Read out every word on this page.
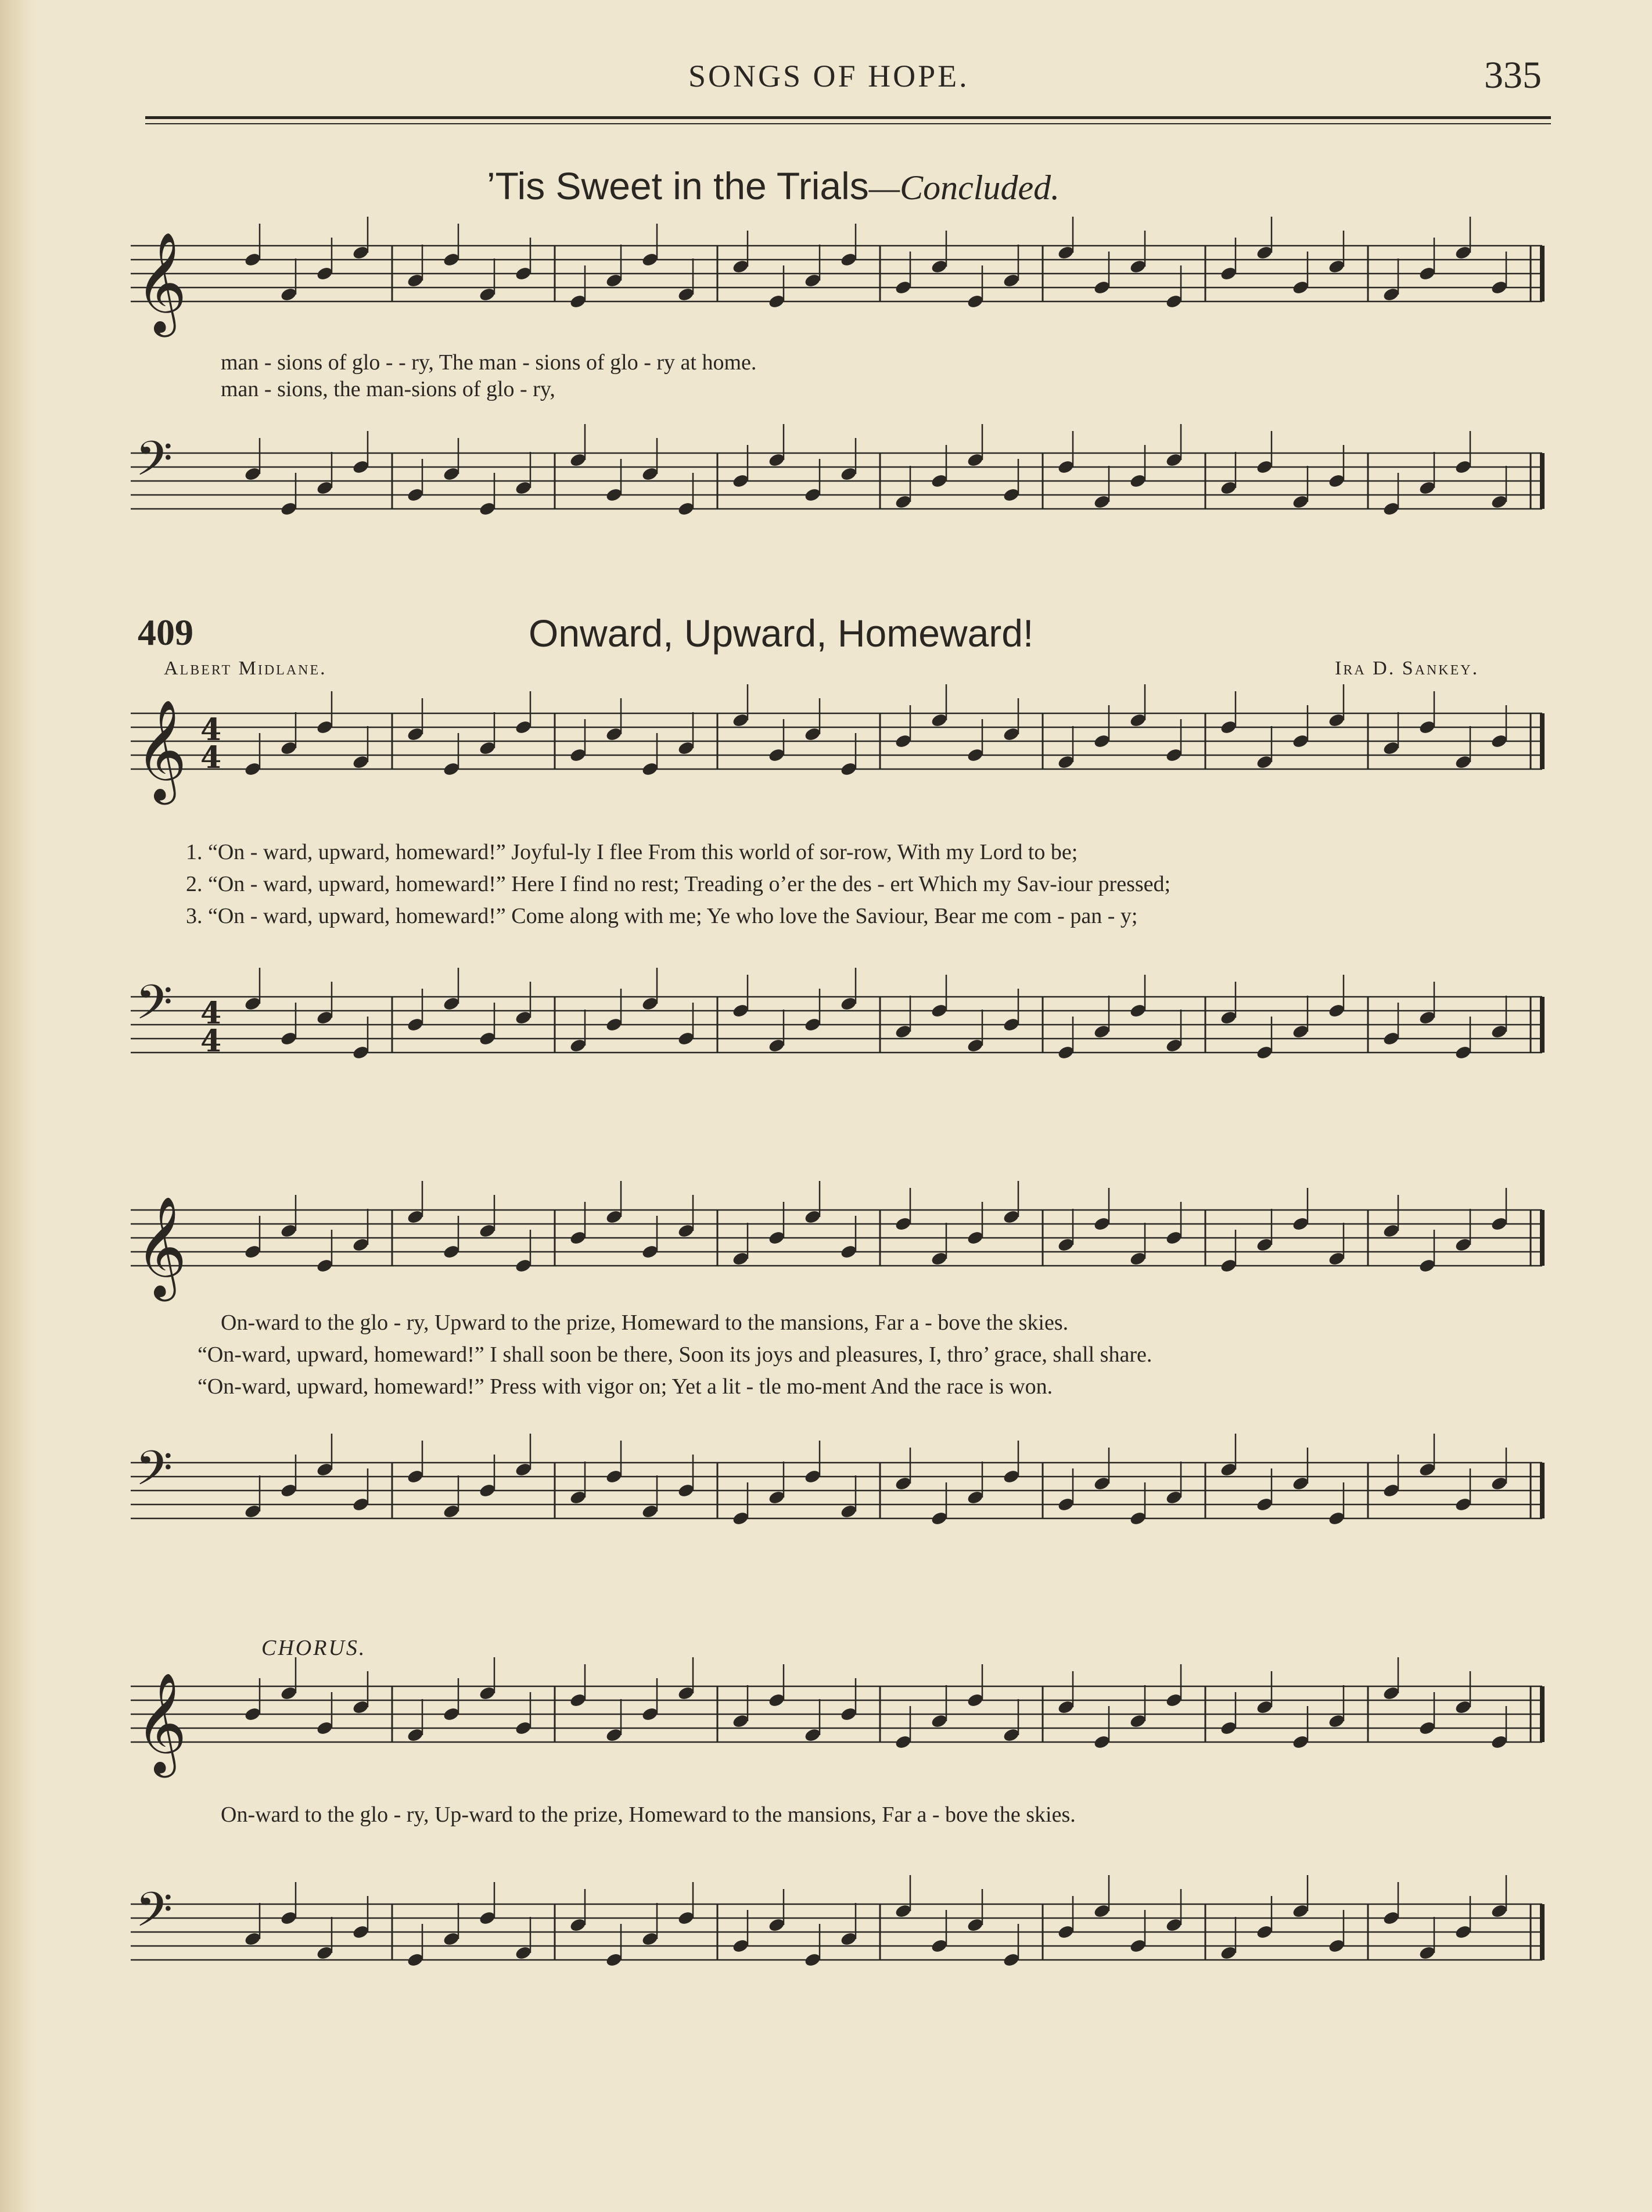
SONGS OF HOPE.	335
’Tis Sweet in the Trials—Concluded.
𝄞
man - sions of glo - - ry, The man - sions of glo - ry at home.
man - sions, the man-sions of glo - ry,
𝄢
409	Onward, Upward, Homeward!
Albert Midlane.	Ira D. Sankey.
𝄞 4
4
1. “On - ward, upward, homeward!” Joyful-ly I flee From this world of sor-row, With my Lord to be;
2. “On - ward, upward, homeward!” Here I find no rest; Treading o’er the des - ert Which my Sav-iour pressed;
3. “On - ward, upward, homeward!” Come along with me; Ye who love the Saviour, Bear me com - pan - y;
𝄢 4
4
𝄞
On-ward to the glo - ry, Upward to the prize, Homeward to the mansions, Far a - bove the skies.
“On-ward, upward, homeward!” I shall soon be there, Soon its joys and pleasures, I, thro’ grace, shall share.
“On-ward, upward, homeward!” Press with vigor on; Yet a lit - tle mo-ment And the race is won.
𝄢
CHORUS.
𝄞
On-ward to the glo - ry, Up-ward to the prize, Homeward to the mansions, Far a - bove the skies.
𝄢
